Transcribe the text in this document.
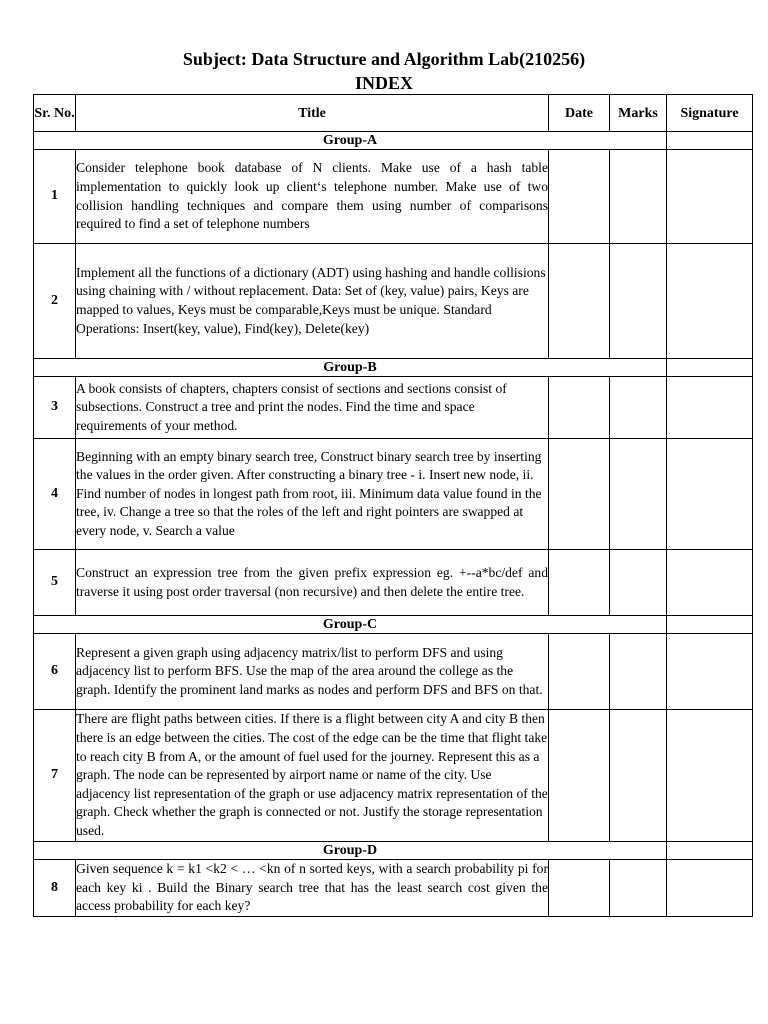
Subject: Data Structure and Algorithm Lab(210256)
INDEX
Sr. No.	Title	Date	Marks	Signature
Group-A				
1	Consider telephone book database of N clients. Make use of a hash table implementation to quickly look up client‘s telephone number. Make use of two collision handling techniques and compare them using number of comparisons required to find a set of telephone numbers			
2	Implement all the functions of a dictionary (ADT) using hashing and handle collisions using chaining with / without replacement. Data: Set of (key, value) pairs, Keys are mapped to values, Keys must be comparable,Keys must be unique. Standard Operations: Insert(key, value), Find(key), Delete(key)			
Group-B				
3	A book consists of chapters, chapters consist of sections and sections consist of subsections. Construct a tree and print the nodes. Find the time and space requirements of your method.			
4	Beginning with an empty binary search tree, Construct binary search tree by inserting the values in the order given. After constructing a binary tree - i. Insert new node, ii. Find number of nodes in longest path from root, iii. Minimum data value found in the tree, iv. Change a tree so that the roles of the left and right pointers are swapped at every node, v. Search a value			
5	Construct an expression tree from the given prefix expression eg. +--a*bc/def and traverse it using post order traversal (non recursive) and then delete the entire tree.			
Group-C				
6	Represent a given graph using adjacency matrix/list to perform DFS and using adjacency list to perform BFS. Use the map of the area around the college as the graph. Identify the prominent land marks as nodes and perform DFS and BFS on that.			
7	There are flight paths between cities. If there is a flight between city A and city B then there is an edge between the cities. The cost of the edge can be the time that flight take to reach city B from A, or the amount of fuel used for the journey. Represent this as a graph. The node can be represented by airport name or name of the city. Use adjacency list representation of the graph or use adjacency matrix representation of the graph. Check whether the graph is connected or not. Justify the storage representation used.			
Group-D				
8	Given sequence k = k1 <k2 < … <kn of n sorted keys, with a search probability pi for each key ki . Build the Binary search tree that has the least search cost given the access probability for each key?			
